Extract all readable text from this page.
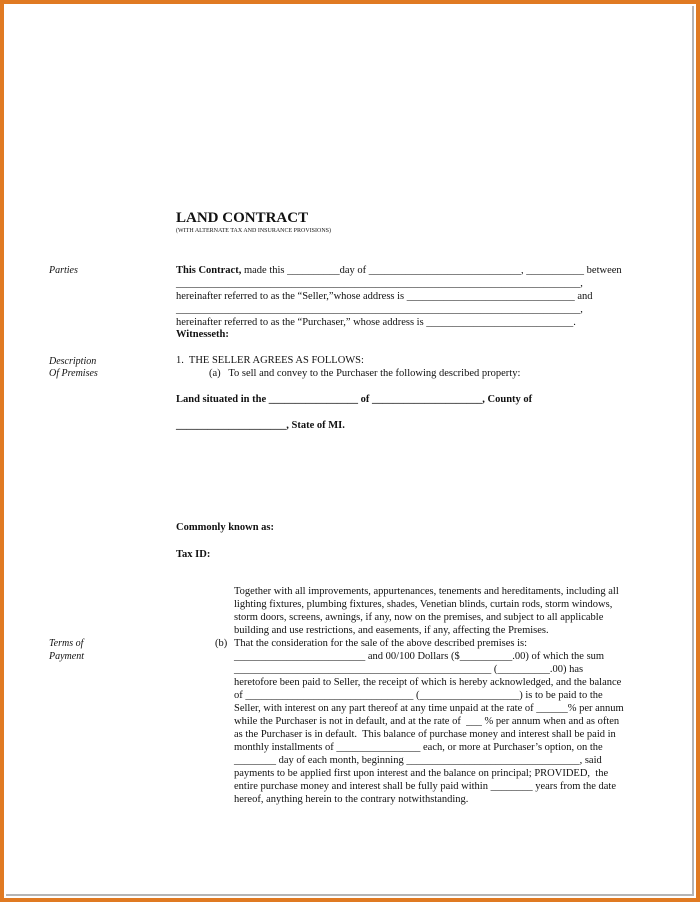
LAND CONTRACT
(WITH ALTERNATE TAX AND INSURANCE PROVISIONS)
Parties
Description
Of Premises
Terms of
Payment
This Contract, made this __________day of _____________________________, ___________ between
_____________________________________________________________________________,
hereinafter referred to as the “Seller,”whose address is ________________________________ and
_____________________________________________________________________________,
hereinafter referred to as the “Purchaser,” whose address is ____________________________.
Witnesseth:
1.  THE SELLER AGREES AS FOLLOWS:
(a)   To sell and convey to the Purchaser the following described property:
Land situated in the _________________ of _____________________, County of
_____________________, State of MI.
Commonly known as:
Tax ID:
Together with all improvements, appurtenances, tenements and hereditaments, including all
lighting fixtures, plumbing fixtures, shades, Venetian blinds, curtain rods, storm windows,
storm doors, screens, awnings, if any, now on the premises, and subject to all applicable
building and use restrictions, and easements, if any, affecting the Premises.
(b) That the consideration for the sale of the above described premises is:
_________________________ and 00/100 Dollars ($__________.00) of which the sum
_________________________________________________ (__________.00) has
heretofore been paid to Seller, the receipt of which is hereby acknowledged, and the balance
of ________________________________ (___________________) is to be paid to the
Seller, with interest on any part thereof at any time unpaid at the rate of ______% per annum
while the Purchaser is not in default, and at the rate of  ___ % per annum when and as often
as the Purchaser is in default.  This balance of purchase money and interest shall be paid in
monthly installments of ________________ each, or more at Purchaser’s option, on the
________ day of each month, beginning _________________________________, said
payments to be applied first upon interest and the balance on principal; PROVIDED,  the
entire purchase money and interest shall be fully paid within ________ years from the date
hereof, anything herein to the contrary notwithstanding.
